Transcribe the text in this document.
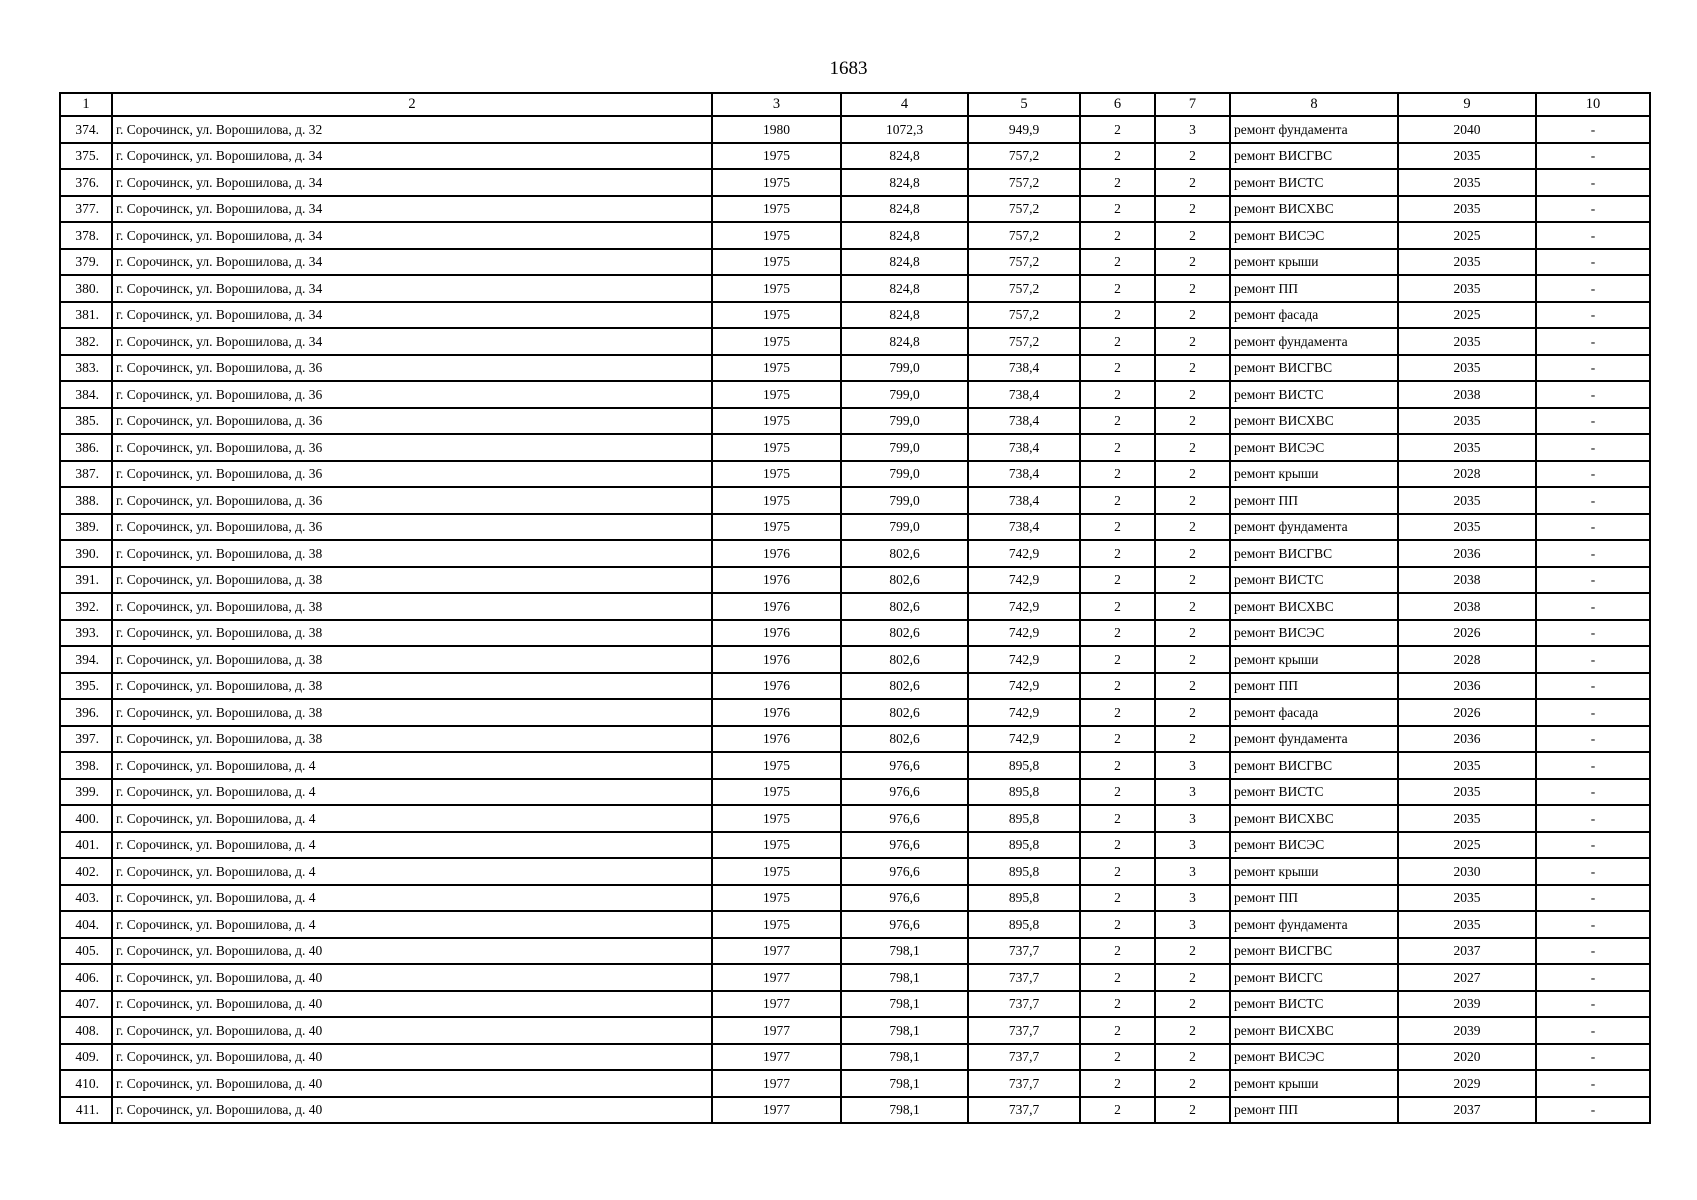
1683
1	2	3	4	5	6	7	8	9	10
374.	г. Сорочинск, ул. Ворошилова, д. 32	1980	1072,3	949,9	2	3	ремонт фундамента	2040	-
375.	г. Сорочинск, ул. Ворошилова, д. 34	1975	824,8	757,2	2	2	ремонт ВИСГВС	2035	-
376.	г. Сорочинск, ул. Ворошилова, д. 34	1975	824,8	757,2	2	2	ремонт ВИСТС	2035	-
377.	г. Сорочинск, ул. Ворошилова, д. 34	1975	824,8	757,2	2	2	ремонт ВИСХВС	2035	-
378.	г. Сорочинск, ул. Ворошилова, д. 34	1975	824,8	757,2	2	2	ремонт ВИСЭС	2025	-
379.	г. Сорочинск, ул. Ворошилова, д. 34	1975	824,8	757,2	2	2	ремонт крыши	2035	-
380.	г. Сорочинск, ул. Ворошилова, д. 34	1975	824,8	757,2	2	2	ремонт ПП	2035	-
381.	г. Сорочинск, ул. Ворошилова, д. 34	1975	824,8	757,2	2	2	ремонт фасада	2025	-
382.	г. Сорочинск, ул. Ворошилова, д. 34	1975	824,8	757,2	2	2	ремонт фундамента	2035	-
383.	г. Сорочинск, ул. Ворошилова, д. 36	1975	799,0	738,4	2	2	ремонт ВИСГВС	2035	-
384.	г. Сорочинск, ул. Ворошилова, д. 36	1975	799,0	738,4	2	2	ремонт ВИСТС	2038	-
385.	г. Сорочинск, ул. Ворошилова, д. 36	1975	799,0	738,4	2	2	ремонт ВИСХВС	2035	-
386.	г. Сорочинск, ул. Ворошилова, д. 36	1975	799,0	738,4	2	2	ремонт ВИСЭС	2035	-
387.	г. Сорочинск, ул. Ворошилова, д. 36	1975	799,0	738,4	2	2	ремонт крыши	2028	-
388.	г. Сорочинск, ул. Ворошилова, д. 36	1975	799,0	738,4	2	2	ремонт ПП	2035	-
389.	г. Сорочинск, ул. Ворошилова, д. 36	1975	799,0	738,4	2	2	ремонт фундамента	2035	-
390.	г. Сорочинск, ул. Ворошилова, д. 38	1976	802,6	742,9	2	2	ремонт ВИСГВС	2036	-
391.	г. Сорочинск, ул. Ворошилова, д. 38	1976	802,6	742,9	2	2	ремонт ВИСТС	2038	-
392.	г. Сорочинск, ул. Ворошилова, д. 38	1976	802,6	742,9	2	2	ремонт ВИСХВС	2038	-
393.	г. Сорочинск, ул. Ворошилова, д. 38	1976	802,6	742,9	2	2	ремонт ВИСЭС	2026	-
394.	г. Сорочинск, ул. Ворошилова, д. 38	1976	802,6	742,9	2	2	ремонт крыши	2028	-
395.	г. Сорочинск, ул. Ворошилова, д. 38	1976	802,6	742,9	2	2	ремонт ПП	2036	-
396.	г. Сорочинск, ул. Ворошилова, д. 38	1976	802,6	742,9	2	2	ремонт фасада	2026	-
397.	г. Сорочинск, ул. Ворошилова, д. 38	1976	802,6	742,9	2	2	ремонт фундамента	2036	-
398.	г. Сорочинск, ул. Ворошилова, д. 4	1975	976,6	895,8	2	3	ремонт ВИСГВС	2035	-
399.	г. Сорочинск, ул. Ворошилова, д. 4	1975	976,6	895,8	2	3	ремонт ВИСТС	2035	-
400.	г. Сорочинск, ул. Ворошилова, д. 4	1975	976,6	895,8	2	3	ремонт ВИСХВС	2035	-
401.	г. Сорочинск, ул. Ворошилова, д. 4	1975	976,6	895,8	2	3	ремонт ВИСЭС	2025	-
402.	г. Сорочинск, ул. Ворошилова, д. 4	1975	976,6	895,8	2	3	ремонт крыши	2030	-
403.	г. Сорочинск, ул. Ворошилова, д. 4	1975	976,6	895,8	2	3	ремонт ПП	2035	-
404.	г. Сорочинск, ул. Ворошилова, д. 4	1975	976,6	895,8	2	3	ремонт фундамента	2035	-
405.	г. Сорочинск, ул. Ворошилова, д. 40	1977	798,1	737,7	2	2	ремонт ВИСГВС	2037	-
406.	г. Сорочинск, ул. Ворошилова, д. 40	1977	798,1	737,7	2	2	ремонт ВИСГС	2027	-
407.	г. Сорочинск, ул. Ворошилова, д. 40	1977	798,1	737,7	2	2	ремонт ВИСТС	2039	-
408.	г. Сорочинск, ул. Ворошилова, д. 40	1977	798,1	737,7	2	2	ремонт ВИСХВС	2039	-
409.	г. Сорочинск, ул. Ворошилова, д. 40	1977	798,1	737,7	2	2	ремонт ВИСЭС	2020	-
410.	г. Сорочинск, ул. Ворошилова, д. 40	1977	798,1	737,7	2	2	ремонт крыши	2029	-
411.	г. Сорочинск, ул. Ворошилова, д. 40	1977	798,1	737,7	2	2	ремонт ПП	2037	-
